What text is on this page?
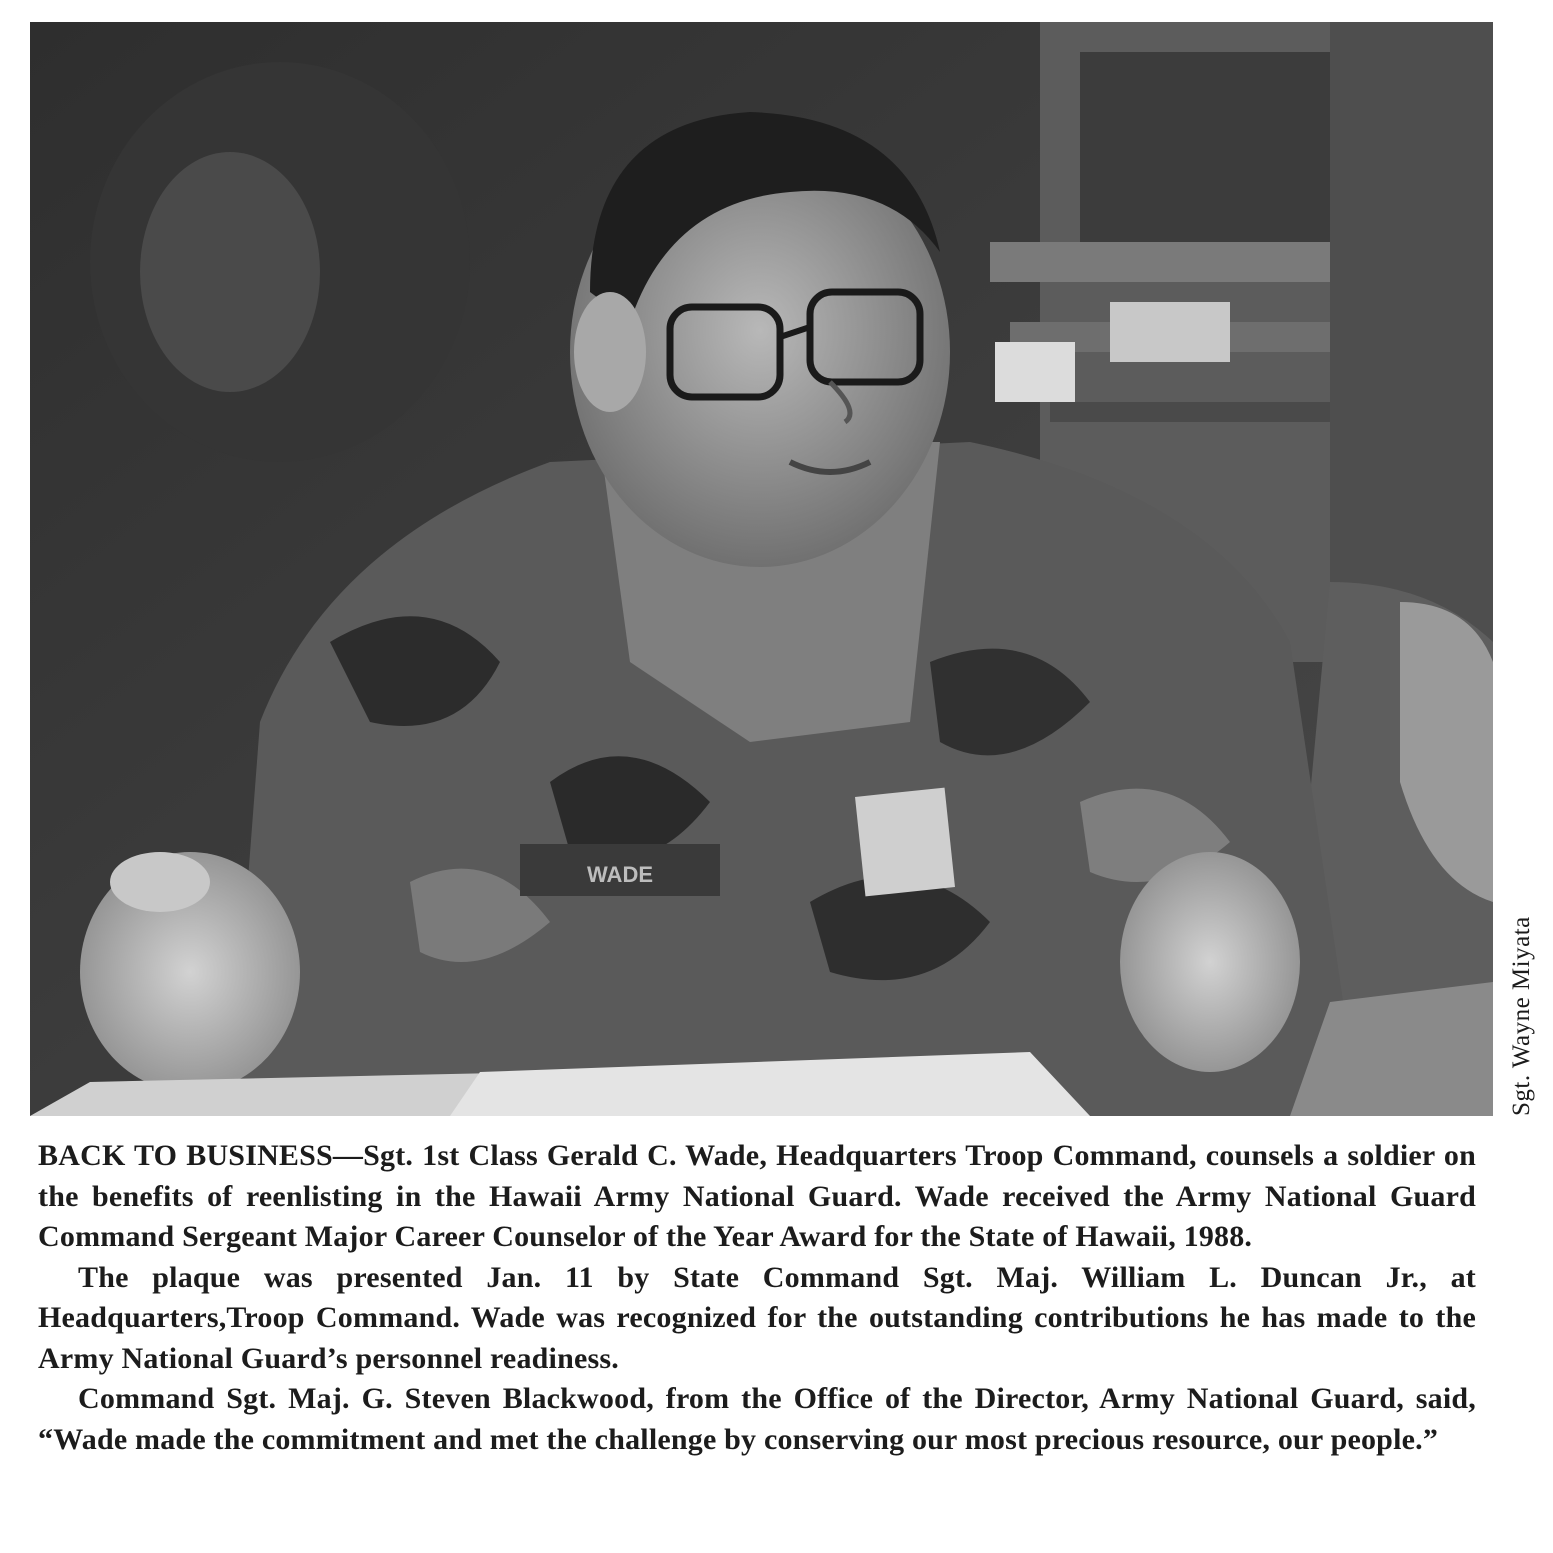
WADE
Sgt. Wayne Miyata

BACK TO BUSINESS—Sgt. 1st Class Gerald C. Wade, Headquarters Troop Command, counsels a soldier on the benefits of reenlisting in the Hawaii Army National Guard. Wade received the Army National Guard Command Sergeant Major Career Counselor of the Year Award for the State of Hawaii, 1988.

The plaque was presented Jan. 11 by State Command Sgt. Maj. William L. Duncan Jr., at Headquarters,Troop Command. Wade was recognized for the outstanding contributions he has made to the Army National Guard’s personnel readiness.

Command Sgt. Maj. G. Steven Blackwood, from the Office of the Director, Army National Guard, said, “Wade made the commitment and met the challenge by conserving our most precious resource, our people.”
